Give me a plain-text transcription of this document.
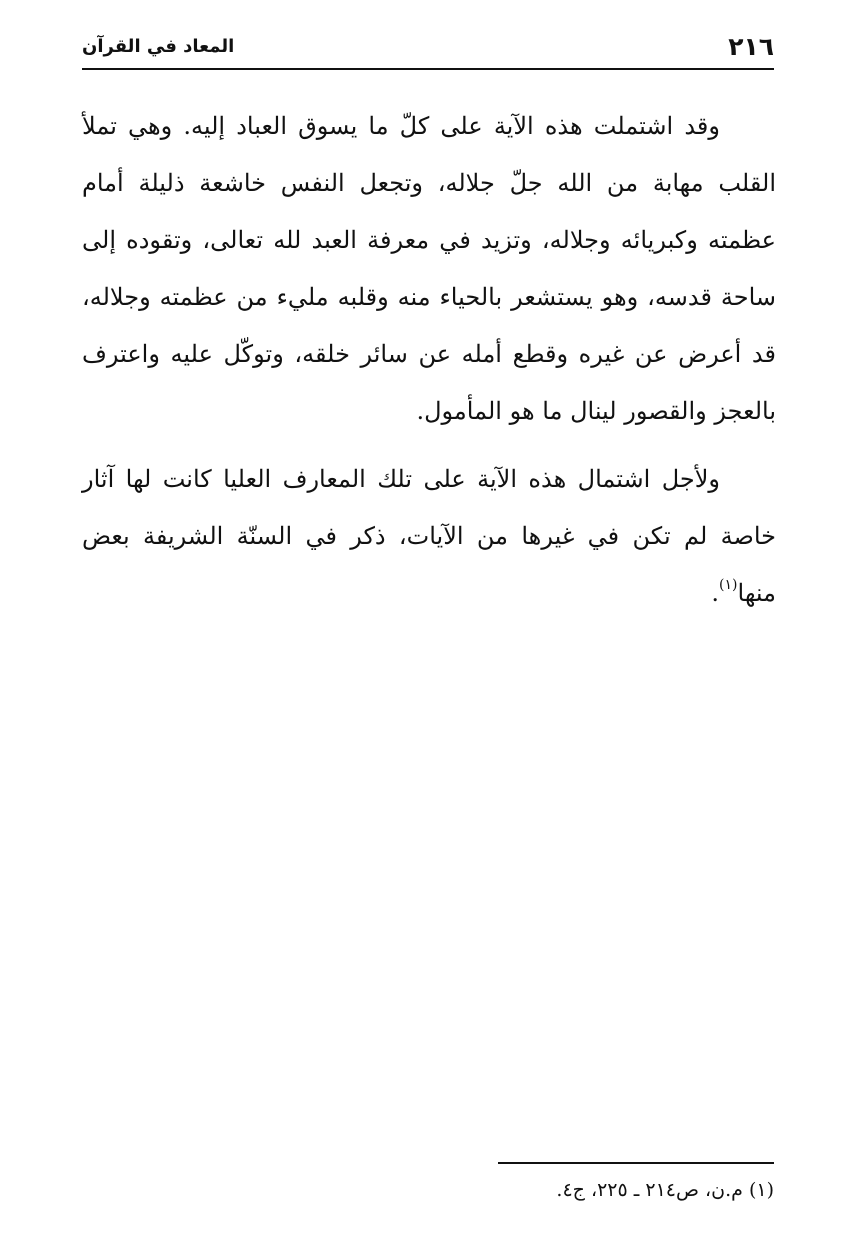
٢١٦
المعاد في القرآن

وقد اشتملت هذه الآية على كلّ ما يسوق العباد إليه. وهي تملأ القلب مهابة من الله جلّ جلاله، وتجعل النفس خاشعة ذليلة أمام عظمته وكبريائه وجلاله، وتزيد في معرفة العبد لله تعالى، وتقوده إلى ساحة قدسه، وهو يستشعر بالحياء منه وقلبه مليء من عظمته وجلاله، قد أعرض عن غيره وقطع أمله عن سائر خلقه، وتوكّل عليه واعترف بالعجز والقصور لينال ما هو المأمول.

ولأجل اشتمال هذه الآية على تلك المعارف العليا كانت لها آثار خاصة لم تكن في غيرها من الآيات، ذكر في السنّة الشريفة بعض منها$^{(١)}$.

(١) م.ن، ص٢١٤ ـ ٢٢٥، ج٤.
